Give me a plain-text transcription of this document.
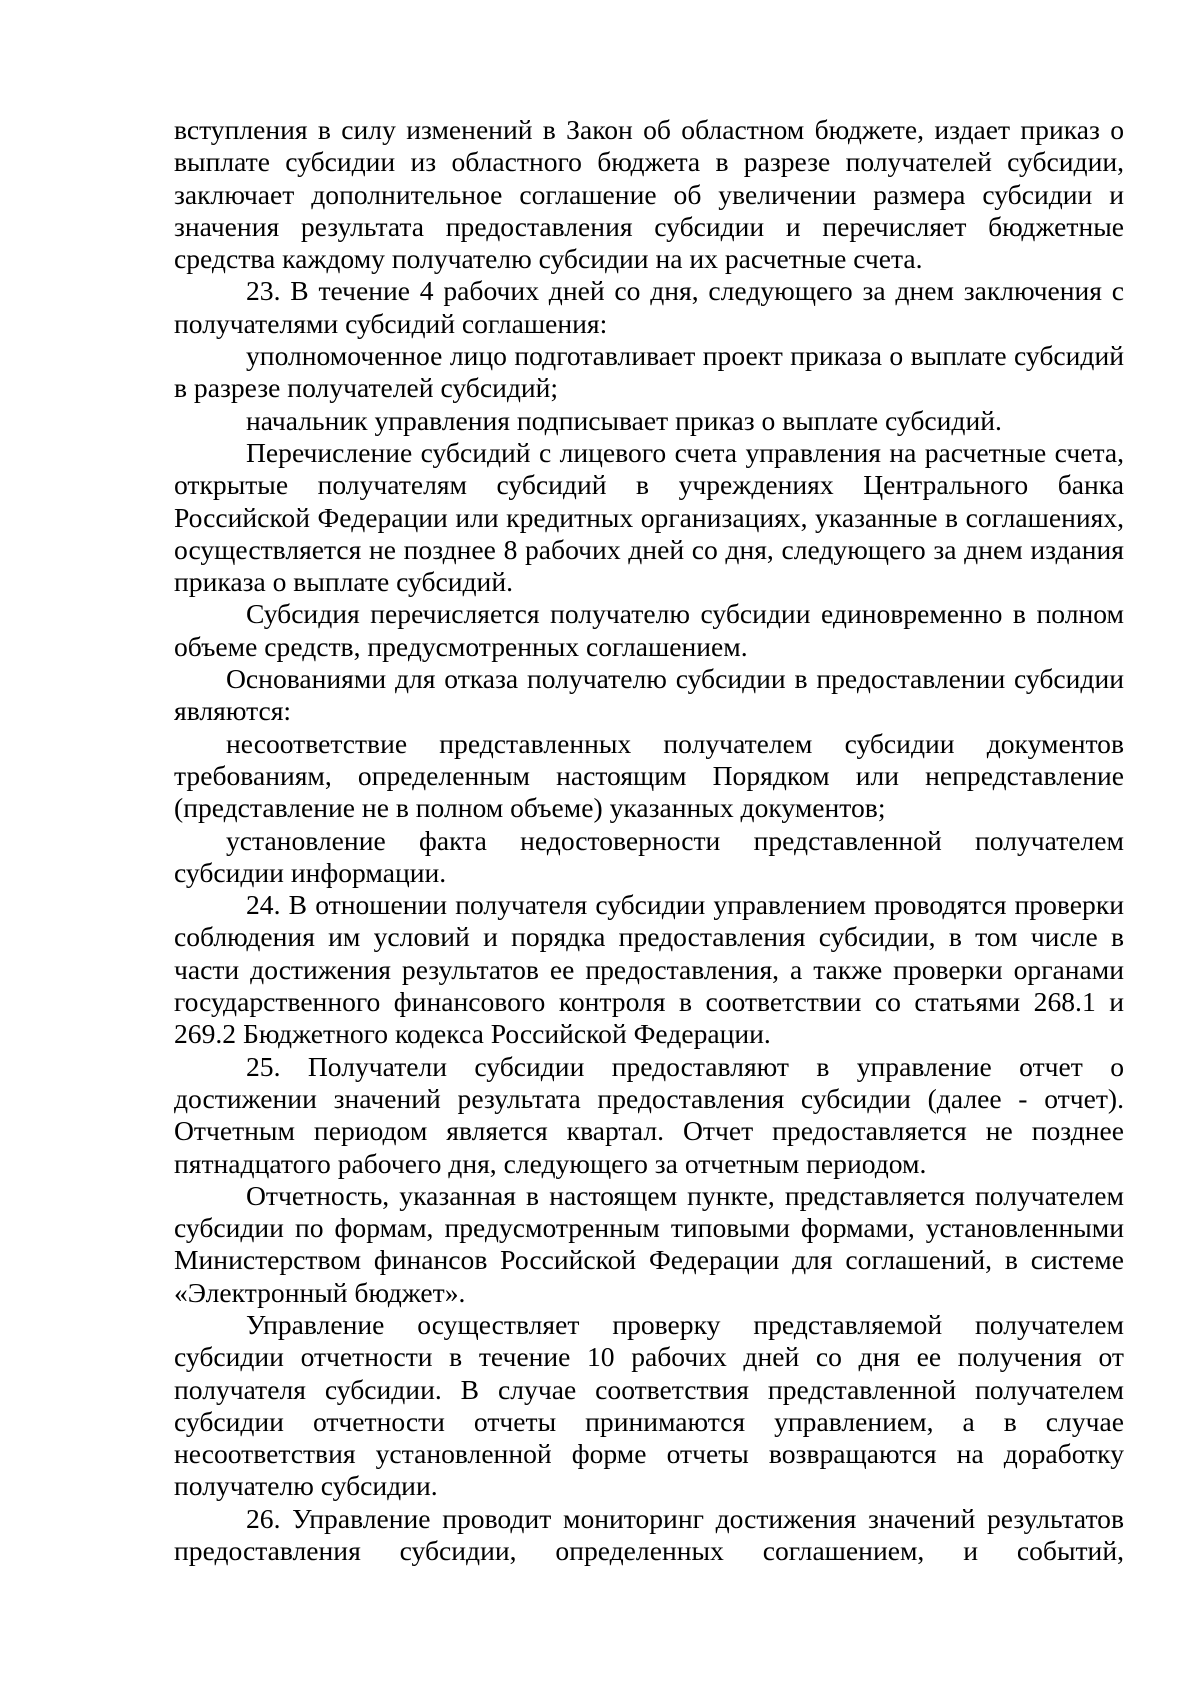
вступления в силу изменений в Закон об областном бюджете, издает приказ о выплате субсидии из областного бюджета в разрезе получателей субсидии, заключает дополнительное соглашение об увеличении размера субсидии и значения результата предоставления субсидии и перечисляет бюджетные средства каждому получателю субсидии на их расчетные счета.

23. В течение 4 рабочих дней со дня, следующего за днем заключения с получателями субсидий соглашения:

уполномоченное лицо подготавливает проект приказа о выплате субсидий в разрезе получателей субсидий;

начальник управления подписывает приказ о выплате субсидий.

Перечисление субсидий с лицевого счета управления на расчетные счета, открытые получателям субсидий в учреждениях Центрального банка Российской Федерации или кредитных организациях, указанные в соглашениях, осуществляется не позднее 8 рабочих дней со дня, следующего за днем издания приказа о выплате субсидий.

Субсидия перечисляется получателю субсидии единовременно в полном объеме средств, предусмотренных соглашением.

Основаниями для отказа получателю субсидии в предоставлении субсидии являются:

несоответствие представленных получателем субсидии документов требованиям, определенным настоящим Порядком или непредставление (представление не в полном объеме) указанных документов;

установление факта недостоверности представленной получателем субсидии информации.

24. В отношении получателя субсидии управлением проводятся проверки соблюдения им условий и порядка предоставления субсидии, в том числе в части достижения результатов ее предоставления, а также проверки органами государственного финансового контроля в соответствии со статьями 268.1 и 269.2 Бюджетного кодекса Российской Федерации.

25. Получатели субсидии предоставляют в управление отчет о достижении значений результата предоставления субсидии (далее - отчет). Отчетным периодом является квартал. Отчет предоставляется не позднее пятнадцатого рабочего дня, следующего за отчетным периодом.

Отчетность, указанная в настоящем пункте, представляется получателем субсидии по формам, предусмотренным типовыми формами, установленными Министерством финансов Российской Федерации для соглашений, в системе «Электронный бюджет».

Управление осуществляет проверку представляемой получателем субсидии отчетности в течение 10 рабочих дней со дня ее получения от получателя субсидии. В случае соответствия представленной получателем субсидии отчетности отчеты принимаются управлением, а в случае несоответствия установленной форме отчеты возвращаются на доработку получателю субсидии.

26. Управление проводит мониторинг достижения значений результатов предоставления субсидии, определенных соглашением, и событий,
